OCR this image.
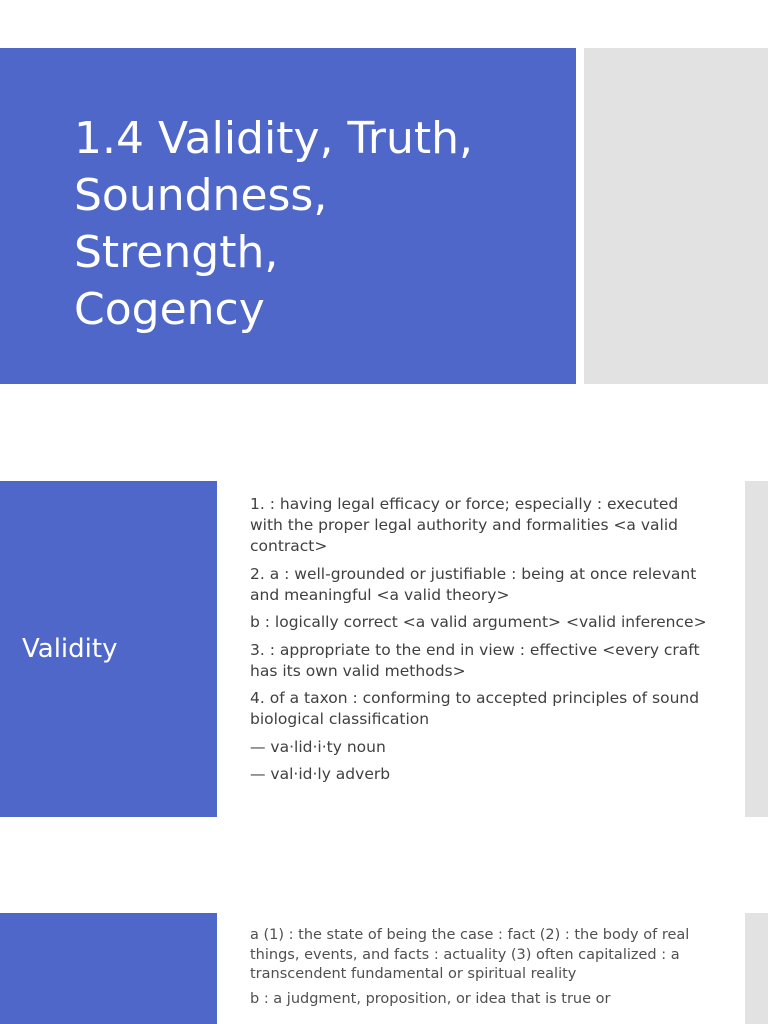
1.4 Validity, Truth,
Soundness,
Strength,
Cogency
Validity

1. : having legal efficacy or force; especially : executed with the proper legal authority and formalities <a valid contract>

2. a : well-grounded or justifiable : being at once relevant and meaningful <a valid theory>

b : logically correct <a valid argument> <valid inference>

3. : appropriate to the end in view : effective <every craft has its own valid methods>

4. of a taxon : conforming to accepted principles of sound biological classification

— va·lid·i·ty noun

— val·id·ly adverb

a (1) : the state of being the case : fact (2) : the body of real things, events, and facts : actuality (3) often capitalized : a transcendent fundamental or spiritual reality

b : a judgment, proposition, or idea that is true or
